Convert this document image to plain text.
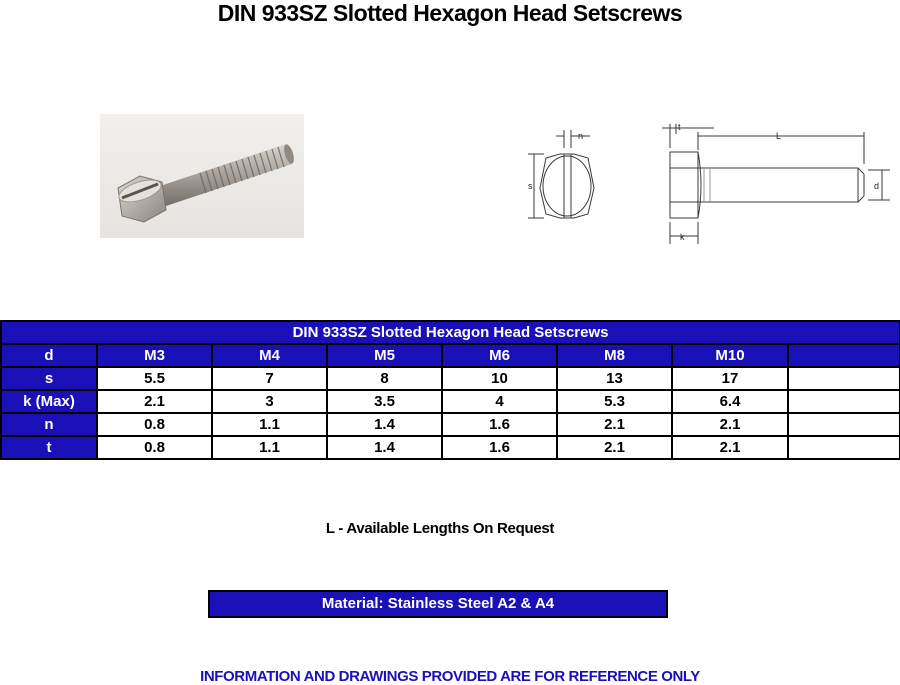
DIN 933SZ Slotted Hexagon Head Setscrews
n
s
t
L
d
k
DIN 933SZ Slotted Hexagon Head Setscrews							
d	M3	M4	M5	M6	M8	M10	
s	5.5	7	8	10	13	17	
k (Max)	2.1	3	3.5	4	5.3	6.4	
n	0.8	1.1	1.4	1.6	2.1	2.1	
t	0.8	1.1	1.4	1.6	2.1	2.1	
L - Available Lengths On Request
Material: Stainless Steel A2 & A4
INFORMATION AND DRAWINGS PROVIDED ARE FOR REFERENCE ONLY
